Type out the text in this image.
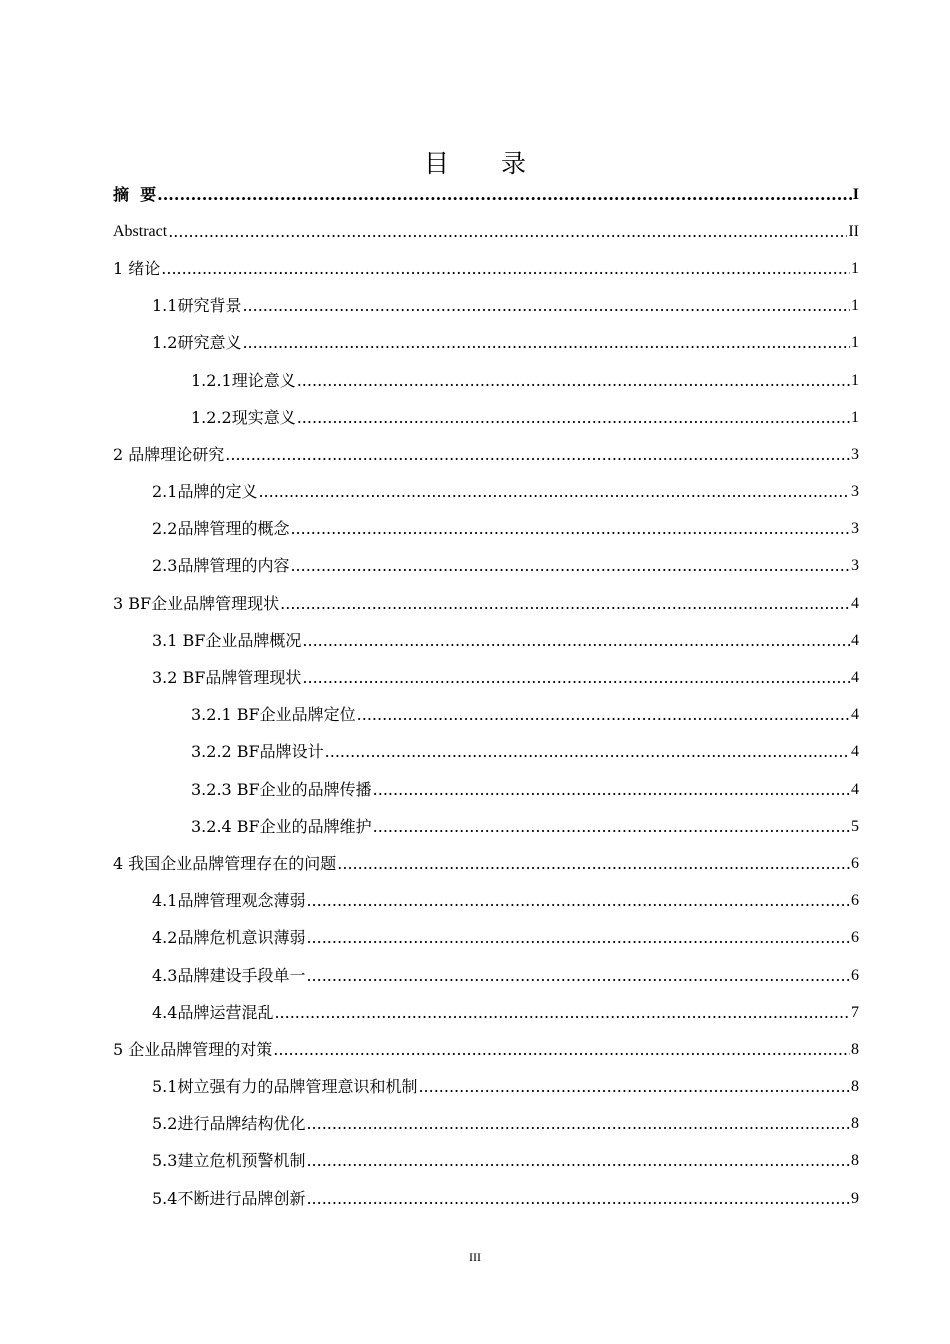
目 录
摘  要 .....	I
Abstract .....	II
1 绪论 .....	1
1.1研究背景 .....	1
1.2研究意义 .....	1
1.2.1理论意义 .....	1
1.2.2现实意义 .....	1
2 品牌理论研究 .....	3
2.1品牌的定义 .....	3
2.2品牌管理的概念 .....	3
2.3品牌管理的内容 .....	3
3 BF企业品牌管理现状 .....	4
3.1 BF企业品牌概况 .....	4
3.2 BF品牌管理现状 .....	4
3.2.1 BF企业品牌定位 .....	4
3.2.2 BF品牌设计 .....	4
3.2.3 BF企业的品牌传播 .....	4
3.2.4 BF企业的品牌维护 .....	5
4 我国企业品牌管理存在的问题 .....	6
4.1品牌管理观念薄弱 .....	6
4.2品牌危机意识薄弱 .....	6
4.3品牌建设手段单一 .....	6
4.4品牌运营混乱 .....	7
5 企业品牌管理的对策 .....	8
5.1树立强有力的品牌管理意识和机制 .....	8
5.2进行品牌结构优化 .....	8
5.3建立危机预警机制 .....	8
5.4不断进行品牌创新 .....	9
III
